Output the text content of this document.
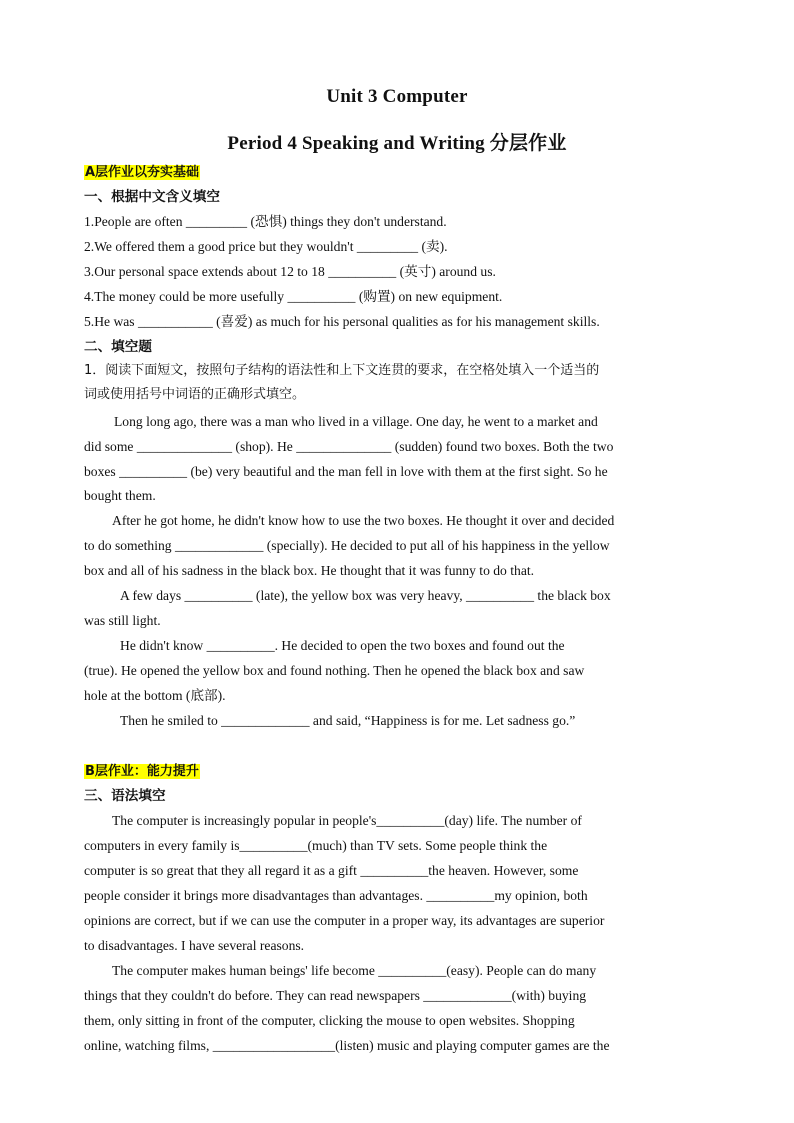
Unit 3 Computer
Period 4 Speaking and Writing 分层作业
A层作业以夯实基础
一、根据中文含义填空
1.People are often _________ (恐惧) things they don't understand.
2.We offered them a good price but they wouldn't _________ (卖).
3.Our personal space extends about 12 to 18 __________ (英寸) around us.
4.The money could be more usefully __________ (购置) on new equipment.
5.He was ___________ (喜爱) as much for his personal qualities as for his management skills.
二、填空题
1．阅读下面短文，按照句子结构的语法性和上下文连贯的要求，在空格处填入一个适当的
词或使用括号中词语的正确形式填空。
Long long ago, there was a man who lived in a village. One day, he went to a market and
did some ______________ (shop). He ______________ (sudden) found two boxes. Both the two
boxes __________ (be) very beautiful and the man fell in love with them at the first sight. So he
bought them.
After he got home, he didn't know how to use the two boxes. He thought it over and decided
to do something _____________ (specially). He decided to put all of his happiness in the yellow
box and all of his sadness in the black box. He thought that it was funny to do that.
A few days __________ (late), the yellow box was very heavy, __________ the black box
was still light.
He didn't know __________. He decided to open the two boxes and found out the
(true). He opened the yellow box and found nothing. Then he opened the black box and saw
hole at the bottom (底部).
Then he smiled to _____________ and said, “Happiness is for me. Let sadness go.”
B层作业：能力提升
三、语法填空
The computer is increasingly popular in people's__________(day) life. The number of
computers in every family is__________(much) than TV sets. Some people think the
computer is so great that they all regard it as a gift __________the heaven. However, some
people consider it brings more disadvantages than advantages. __________my opinion, both
opinions are correct, but if we can use the computer in a proper way, its advantages are superior
to disadvantages. I have several reasons.
The computer makes human beings' life become __________(easy). People can do many
things that they couldn't do before. They can read newspapers _____________(with) buying
them, only sitting in front of the computer, clicking the mouse to open websites. Shopping
online, watching films, __________________(listen) music and playing computer games are the
